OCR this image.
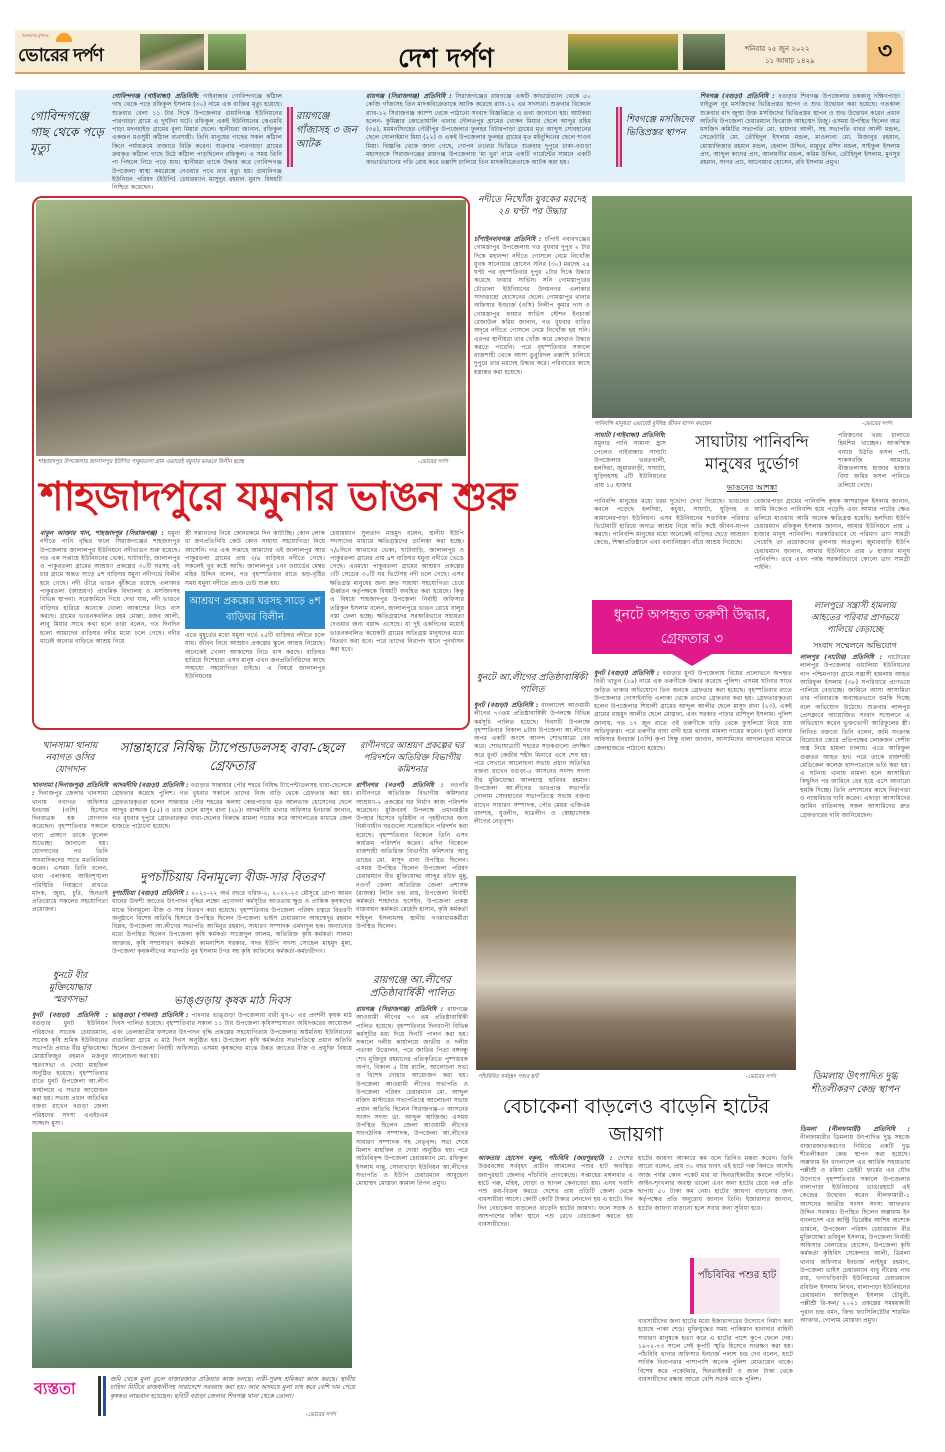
জনগণের মুখপত্র
ভোরের দর্পণ	দেশ দর্পণ	শনিবার ২৫ জুন ২০২২
১১ আষাঢ় ১৪২৯	৩
গোবিন্দগঞ্জে গাছ থেকে পড়ে মৃত্যু
গোবিন্দগঞ্জ (গাইবান্ধা) প্রতিনিধি: গাইবান্ধার গোবিন্দগঞ্জে কাঁঠাল গাছ থেকে পড়ে রফিকুল ইসলাম (৩০) নামে এক ব্যক্তির মৃত্যু হয়েছে। শুক্রবার বেলা ১১ টার দিকে উপজেলার গুমানিগঞ্জ ইউনিয়নের পারগয়ড়া গ্রামে এ দুর্ঘটনা ঘটে। রফিকুল একই ইউনিয়নের কেএমবি পাড়া মদনহাইড় গ্রামের বুলা মিয়ার ছেলে। স্থানীয়রা জানান, রফিকুল একজন মওসুমী কাঁঠাল ব্যবসায়ী। তিনি মানুষের গাছের সকল কাঁঠাল কিনে পর্যায়ক্রমে বাজারে বিক্রি করেন। শুক্রবার পারগয়ড়া গ্রামের ক্রয়কৃত কাঁঠাল গাছে উঠে কাঁঠাল পাড়ছিলেন রফিকুল। এ সময় তিনি পা পিছলে নিচে পড়ে যায়। স্থানীয়রা তাকে উদ্ধার করে গোবিন্দগঞ্জ উপজেলা স্বাস্থ্য কমপ্লেক্সে নেওয়ার পথে তার মৃত্যু হয়। গুমানিগঞ্জ ইউনিয়ন পরিষদ (ইউপি) চেয়ারম্যান মাসুদুর রহমান মুরাদ বিষয়টি নিশ্চিত করেছেন।
রায়গঞ্জে গাঁজাসহ ৩ জন আটক
রায়গঞ্জ (সিরাজগঞ্জ) প্রতিনিধি : সিরাজগঞ্জের রায়গঞ্জে একটি কাভার্ডভ্যান থেকে ৫০ কেজি গাঁজাসহ তিন মাদকবিক্রেতাকে আটক করেছে র‌্যাব-১২ এর সদস্যরা। শুক্রবার বিকেলে র‌্যাব-১২ সিরাজগঞ্জ ক্যাম্প থেকে পাঠানো সংবাদ বিজ্ঞপ্তিতে এ তথ্য জানানো হয়। আটকরা হলেন- কুমিল্লার কোতোয়ালি থানার দৌলতপুর গ্রামের খোকন মিয়ার ছেলে আব্দুর রহিম (৩৪), ময়মনসিংহের গৌরীপুর উপজেলার ফুলহর বিটারপাড়া গ্রামের মৃত আব্দুস সোবহানের ছেলে সোলাইমান মিয়া (২২) ও একই উপজেলার ফুলহর গ্রামের মৃত মইনুদ্দিনের ছেলে শাওন মিয়া। বিজ্ঞপ্তি থেকে জানা গেছে, গোপন তথ্যের ভিত্তিতে শুক্রবার দুপুরে ঢাকা-বগুড়া মহাসড়কে সিরাজগঞ্জের রায়গঞ্জ উপজেলায় 'মা খুর' নামে একটি গার্মেন্টের সামনে একটি কাভার্ডভ্যানের গতি রোধ করে তল্লাশি চালিয়ে তিন মাদকবিক্রেতাকে আটক করা হয়।
শিবগঞ্জে মসজিদের ভিত্তিপ্রস্তর স্থাপন
শিবগঞ্জ (বগুড়া) প্রতিনিধি : বগুড়ার শিবগঞ্জ উপজেলার চককানু দক্ষিণপাড়া বাইতুল নূর মসজিদের ভিত্তিপ্রস্তর স্থাপন ও শুভ উদ্বোধন করা হয়েছে। গতকাল শুক্রবার বাদ জুম্মা উক্ত মসজিদের ভিত্তিপ্রস্তর স্থাপন ও শুভ উদ্বোধন করেন প্রধান অতিথি উপজেলা চেয়ারম্যান ফিরোজ আহম্মেদ রিজু। এসময় উপস্থিত ছিলেন অত্র মসজিদ কমিটির সভাপতি মো. হায়দার আলী, সহ সভাপতি বাবর আলী মন্ডল, সেক্রেটারি মো. তৌহিদুল ইসলাম মন্ডল, মাওলানা মো. মিজানুর রহমান, মোস্তাফিজার রহমান মন্ডল, হেলাল উদ্দিন, মামুনুর রশিদ মন্ডল, সাইফুল ইসলাম প্রাং, আব্দুল কাদের প্রাং, আলমগীর মন্ডল, করিম উদ্দিন, তৌহিদুল ইসলাম, মুনসুর রহমান, সাগর প্রাং, আনোয়ার হোসেন, রবি ইসলাম প্রমুখ।
শাহজাদপুর উপজেলার জালালপুর ইউপির পাকুরতলা গ্রাম এভাবেই যমুনার ভাঙনে বিলীন হচ্ছে	-ভোরের দর্পণ
শাহজাদপুরে যমুনার ভাঙন শুরু
বাবুল আক্তার খান, শাহজাদপুর (সিরাজগঞ্জ) : যমুনা নদীতে পানি বৃদ্ধির ফলে সিরাজগঞ্জের শাহজাদপুর উপজেলার জালালপুর ইউনিয়নে নদীভাঙন শুরু হয়েছে। গত এক সপ্তাহে ইউনিয়নের ভেকা, ঘাটাবাড়ি, জালালপুর ও পাকুরতলা গ্রামের আশ্রয়ণ প্রকল্পের ৩০টি ঘরসহ এই চার গ্রামে অন্তত সাড়ে ৪শ বাড়িঘর যমুনা নদীগর্ভে বিলীন হয়ে গেছে। নদী তীরে ভাঙন ঝুঁকিতে রয়েছে এলাকার পাকুরতলা (আশ্রয়ণ) প্রাথমিক বিদ্যালয় ও মসজিদসহ বিভিন্ন স্থাপনা। সরেজমিনে গিয়ে দেখা যায়, নদী ভাঙনে বাড়িঘর হারিয়ে অনেকে খোলা আকাশের নিচে বাস করছে। গ্রামের ভাঙনকবলিত রহম মোল্লা, রজব আলী, লাবু মিয়ার সাথে কথা হলে তারা বলেন, গত দিনদিন হলো আমাদের বাড়িঘর নদীর মধ্যে চলে গেছে। নদীর ধারেই অন্যের বাড়িতে আশ্রয় নিয়ে
স্ত্রী সন্তানদের নিয়ে কোনরকমে দিন কাটাচ্ছি। কোন লোক বা জনপ্রতিনিধি কেউ কোন সাহায্য সহযোগিতা নিয়ে আসেনি। গত এক সপ্তাহে আমাদের এই জালালপুর আর পাকুরতলা গ্রামের প্রায় ৩/৪ বাড়িঘর নদীতে গেছে। সকলেই খুব কষ্টে আছি। জালালপুর ১নং ওয়ার্ডের মেম্বর মহির উদ্দিন বলেন, গত বৃহস্পতিবার রাতে ঝড়-বৃষ্টির সময় যমুনা নদীতে প্রচণ্ড ঢেউ শুরু হয়।
আশ্রয়ণ প্রকল্পের ঘরসহ সাড়ে ৪শ বাড়িঘর বিলীন
এতে মুহূর্তের মধ্যে যমুনা গর্ভে ২৫টি বাড়িঘর নদীতে চলে যায়। জীবন নিয়ে আশ্রয়ণ প্রকল্পের স্কুলে আশ্রয় নিয়েছে। অনেকেই খোলা আকাশের নিচে বাস করছে। বাড়িঘর হারিয়ে দিশেহারা এসব মানুষ এখন জনপ্রতিনিধিদের কাছে সাহায্যে সহযোগিতা চাইছে। এ বিষয়ে জালালপুর ইউনিয়নের
চেয়ারম্যান সুলতান মাহমুদ বলেন, স্থানীয় ইউপি সদস্যদের মাধ্যমে ক্ষতিগ্রস্তদের তালিকা করা হচ্ছে। ৭/৮দিনে আমাদের ভেকা, ঘাটাবাড়ি, জালালপুর ও পাকুরতলা গ্রামের প্রায় ৪শ বাড়িঘর যমুনা নদীতে ভেঙে গেছে। এরমধ্যে পাকুরতলা গ্রামের আশ্রয়ণ প্রকল্পের ৩টি সেডের ৩০টি ঘর ভিটেসহ নদী চলে গেছে। এসব ক্ষতিগ্রস্ত মানুষের জন্য দ্রুত সাহায্য সহযোগিতা চেয়ে ঊর্ধ্বতন কর্তৃপক্ষকে বিষয়টি অবহিত করা হয়েছে। কিন্তু এ বিষয়ে শাহজাদপুর উপজেলা নির্বাহী অফিসার তরিকুল ইসলাম বলেন, জালালপুরে ভাঙন রোধে বালুর বস্তা ফেলা হচ্ছে। ক্ষতিগ্রস্তদের সরকারিভাবে সহায়তা দেওয়ার জন্য বরাদ্দ এসেছে। যা দুই একদিনের মধ্যেই ভাঙনকবলিত কয়েকটি গ্রামের অতিগ্রস্ত মানুষদের মধ্যে বিতরণ করা হবে। পরে তাদের নিরাপদ স্থানে পুনর্বাসন করা হবে।
নদীতে নিখোঁজ যুবকের মরদেহ ২৪ ঘণ্টা পর উদ্ধার
চাঁপাইনবাবগঞ্জ প্রতিনিধি : চাঁপাই নবাবগঞ্জের গোমস্তাপুর উপজেলায় গত বুধবার দুপুর ২ টার দিকে মহানন্দা নদীতে গোসলে নেমে নিখোঁজ যুবক সানোয়ার হোসেন সনির (৩০) মরদেহ ২৪ ঘণ্টা পর বৃহস্পতিবার দুপুর ২টার দিকে উদ্ধার করেছে ফায়ার সার্ভিস। সনি গোমস্তাপুরের চৌডালা ইউনিয়নের উদয়নগর এলাকার সাদাত্তাহো হোসেনের ছেলে। গোমস্তাপুর থানার অফিসার ইনচার্জ (ওসি) নিলীপ কুমার দাস ও গোমস্তাপুর ফায়ার সার্ভিস স্টেশন ইনচার্জ রেজাউল করিম জানান, গত বুধবার বাড়ির অদূরে নদীতে গোসলে নেমে নিখোঁজ হয় সনি। এরপর স্থানীয়রা তার খোঁজ করে কোথাও উদ্ধার করতে পারেনি। পরে বৃহস্পতিবার সকালে রাজশাহী থেকে আসা ডুবুরিদল তল্লাশি চালিয়ে দুপুরে তার মরদেহ উদ্ধার করে। পরিবারের কাছে হস্তান্তর করা হয়েছে।
ধুনটে আ.লীগের প্রতিষ্ঠাবার্ষিকী পালিত
ধুনট (বগুড়া) প্রতিনিধি : বাংলাদেশ আওয়ামী লীগের ৭৩তম প্রতিষ্ঠাবার্ষিকী উপলক্ষে বিভিন্ন কর্মসূচি পালিত হয়েছে। দিবসটি উপলক্ষে বৃহস্পতিবার বিকাল ৪টায় উপজেলা আ.লীগের অপর একটি অংশে আনন্দ শোভাযাত্রা বের করে। শোভাযাত্রাটি শহরের সড়কগুলো প্রদক্ষিণ করে ধুনট কেন্দ্রীয় শহীদ মিনারে এসে শেষ হয়। পরে সেখানে আলোচনা সভায় প্রধান অতিথির বক্তব্য রাখেন বগুড়া-৫ আসনের সংসদ সদস্য বীর মুক্তিযোদ্ধা আলহাজ্ব হাবিবর রহমান। উপজেলা আ.লীগের ভারপ্রাপ্ত সভাপতি গোলাম সোবহানের সভাপতিত্বে সভায় বক্তব্য রাখেন সাধারণ সম্পাদক, পৌর মেয়র এজিএম বাদশাহ, যুবলীগ, ছাত্রলীগ ও স্বেচ্ছাসেবক লীগের নেতৃবৃন্দ।
পানিবন্দি মানুষরা এভাবেই দুর্বিষহ জীবন যাপন করছেন	-ভোরের দর্পণ
সাঘাটা (গাইবান্ধা) প্রতিনিধি: যমুনার পানি সামান্য হ্রাস পেলেও গাইবান্ধার সাঘাটা উপজেলার ভরতখালী, হলদিয়া, জুমারবাড়ী, সাঘাটা, ঘুড়িদহসহ ৫টি ইউনিয়নের প্রায় ১৫ হাজার
সাঘাটায় পানিবন্দি মানুষের দুর্ভোগ
ভাঙনের আশঙ্কা
পরিজনের খরচ চালাতে হিমশিম খাচ্ছেন। আকস্মিক বন্যায় উঠতি ফসল পাট, শাকসবজি আমনের বীজতলাসহ হাজার হাজার বিঘা জমির ফসল পানিতে তলিয়ে গেছে।
পানিবন্দি মানুষের মধ্যে চরম দুর্ভোগ দেখা দিয়েছে। ভাঙনের কবলে পড়েছে হলদিয়া, কচুয়া, সাঘাটা, ঘুড়িদহ ও কামালেরপাড়া ইউনিয়ন। এসব ইউনিয়নের শতাধিক পরিবার ভিটেমাটি হারিয়ে অন্যত্র আশ্রয় নিয়ে অতি কষ্টে জীবন-যাপন করছে। পানিবন্দি মানুষের মধ্যে অনেকেই বাড়িঘর ছেড়ে আশ্রয়ণ কেন্দ্রে, শিক্ষাপ্রতিষ্ঠানে এবং বন্যানিয়ন্ত্রণ বাঁধে আশ্রয় নিয়েছে।
বেজারপাড়া গ্রামের পানিবন্দি কৃষক আশরাফুল ইসলাম জানান, আমি নিজেও পানিবন্দি হয়ে পড়েছি এবং আমার পাটের ক্ষেত তলিয়ে যাওয়ায় আমি অনেক ক্ষতিগ্রস্ত হয়েছি। হলদিয়া ইউপি চেয়ারম্যান রফিকুল ইসলাম জানান, আমার ইউনিয়নে প্রায় ৫ হাজার মানুষ পানিবন্দি। সরকারিভাবে যে পরিমাণ ত্রাণ সামগ্রী পেয়েছি তা প্রয়োজনের তুলনায় অপ্রতুল। জুমারবাড়ি ইউপি চেয়ারম্যান জানান, আমার ইউনিয়নে প্রায় ৮ হাজার মানুষ পানিবন্দি। তবে এখন পর্যন্ত সরকারিভাবে কোনো ত্রাণ সামগ্রী পাইনি।
ধুনটে অপহৃত তরুণী উদ্ধার, গ্রেফতার ৩
ধুনট (বগুড়া) প্রতিনিধি : বগুড়ার ধুনট উপজেলায় বিয়ের প্রলোভনে অপহৃত বিথী খাতুন (১৬) নামে এক তরুণীকে উদ্ধার করেছে পুলিশ। এসময় ঘটনার সাথে জড়িত থাকার অভিযোগে তিন জনকে গ্রেফতার করা হয়েছে। বৃহস্পতিবার রাতে উপজেলার গোসাইবাড়ি এলাকা থেকে তাদের গ্রেফতার করা হয়। গ্রেফতারকৃতরা হলেন উপজেলার শিয়ালী গ্রামের আব্দুল আলীর ছেলে মাসুদ রানা (২৩), একই গ্রামের মাহমুদ আলীর ছেলে মোস্তফা, এবং সরকার পাড়ার রাশিদুল ইসলাম। পুলিশ জানায়, গত ১৭ জুন রাতে ওই তরুণীকে বাড়ি থেকে ফুসলিয়ে নিয়ে যায় অভিযুক্তরা। পরে তরুণীর বাবা বাদী হয়ে থানায় মামলা দায়ের করেন। ধুনট থানার অফিসার ইনচার্জ (ওসি) কৃপা সিন্ধু বালা জানান, আসামিদের আদালতের মাধ্যমে জেলহাজতে পাঠানো হয়েছে।
লালপুরে সন্ত্রাসী হামলায় আহতের পরিবার প্রাণভয়ে পালিয়ে বেড়াচ্ছে
সংবাদ সম্মেলনে অভিযোগ
লালপুর (নাটোর) প্রতিনিধি : নাটোরের লালপুর উপজেলার ওয়ালিয়া ইউনিয়নের নাগ পশ্চিমপাড়া গ্রামে সন্ত্রাসী হামলায় আহত আরিফুল ইসলাম (৩৮) সপরিবারে প্রাণভয়ে পালিয়ে বেড়াচ্ছে। জামিনে আসা আসামিরা তার পরিবারকে অব্যাহতভাবে হুমকি দিচ্ছে বলে অভিযোগ উঠেছে। শুক্রবার লালপুর প্রেসক্লাবে আয়োজিত সংবাদ সম্মেলনে এ অভিযোগ করেন ভুক্তভোগী আরিফুলের স্ত্রী। লিখিত বক্তব্যে তিনি বলেন, জমি সংক্রান্ত বিরোধের জেরে প্রতিপক্ষের লোকজন দেশীয় অস্ত্র নিয়ে হামলা চালায়। এতে আরিফুল গুরুতর আহত হন। পরে তাকে রাজশাহী মেডিকেল কলেজ হাসপাতালে ভর্তি করা হয়। এ ঘটনায় থানায় মামলা হলে আসামিরা কিছুদিন পর জামিনে বের হয়ে এসে আবারো হুমকি দিচ্ছে। তিনি প্রশাসনের কাছে নিরাপত্তা ও ন্যায়বিচার দাবি করেন। এছাড়া আসামিদের জামিন বাতিলসহ সকল আসামিদের দ্রুত গ্রেফতারের দাবি জানিয়েছেন।
খানসামা থানায় নবাগত ওসির যোগদান
খানসামা (দিনাজপুর) প্রতিনিধি : দিনাজপুর জেলার খানসামা থানায় নবাগত অফিসার ইনচার্জ (ওসি) হিসেবে দিনরাত্রক হক যোগদান করেছেন। বৃহস্পতিবার সকালে থানা প্রাঙ্গণে তাকে ফুলেল শুভেচ্ছা জানানো হয়। যোগদানের পর তিনি সাংবাদিকদের সাথে মতবিনিময় করেন। এসময় তিনি বলেন, থানা এলাকায় আইনশৃঙ্খলা পরিস্থিতি নিয়ন্ত্রণে রাখতে মাদক, জুয়া, চুরি, ছিনতাই প্রতিরোধে সকলের সহযোগিতা প্রয়োজন।
ধুনটে বীর মুক্তিযোদ্ধার স্মরণসভা
ধুনট (বগুড়া) প্রতিনিধি : বগুড়ার ধুনট ইউনিয়ন পরিষদের সাবেক চেয়ারম্যান, সাবেক কৃষি শ্রমিক ইউনিয়নের সভাপতি প্রয়াত বীর মুক্তিযোদ্ধা মোস্তাফিজুর রহমান মজনুর স্মরণসভা ও দোয়া মাহফিল অনুষ্ঠিত হয়েছে। বৃহস্পতিবার রাতে ধুনট উপজেলা আ.লীগ কার্যালয়ে এ সভার আয়োজন করা হয়। সভায় প্রধান অতিথির বক্তব্য রাখেন বগুড়া জেলা পরিষদের সদস্য এএইচএম সাজ্জাদ মুসা।
সান্তাহারে নিষিদ্ধ ট্যাপেন্ডাডলসহ বাবা-ছেলে গ্রেফতার
আদমদীঘি (বগুড়া) প্রতিনিধি : বগুড়ার সান্তাহার পৌর শহরে নিষিদ্ধ ট্যাপেন্টাডলসহ বাবা-ছেলেকে গ্রেফতার করেছে পুলিশ। গত বুধবার সকালে তাদের নিজ বাড়ি থেকে গ্রেফতার করা হয়। গ্রেফতারকৃতরা হলেন সান্তাহার পৌর শহরের কলসা কেন্দ্রপাড়ার মৃত আলতাফ হোসেনের ছেলে আব্দুর রাজ্জাক (৫৫) ও তার ছেলে মাসুদ রানা (২৮)। আদমদীঘি থানার অফিসার ইনচার্জ জানান, গত বুধবার দুপুরে গ্রেফতারকৃত বাবা-ছেলের বিরুদ্ধে মামলা দায়ের করে আদালতের মাধ্যমে জেল হাজতে পাঠানো হয়েছে।
দুপচাঁচিয়ায় বিনামূল্যে বীজ-সার বিতরণ
দুপচাঁচিয়া (বগুড়া) প্রতিনিধি : ২০২১-২২ অর্থ বছরে খরিফ-২, ২০২২-২৩ মৌসুমে রোপা আমন ধানের উফশী জাতের উৎপাদন বৃদ্ধির লক্ষ্যে প্রণোদনা কর্মসূচির আওতায় ক্ষুদ্র ও প্রান্তিক কৃষকদের মাঝে বিনামূল্যে বীজ ও সার বিতরণ করা হয়েছে। বৃহস্পতিবার উপজেলা পরিষদ চত্বরে বিতরণী অনুষ্ঠানে বিশেষ অতিথি হিসাবে উপস্থিত ছিলেন উপজেলা ভাইস চেয়ারম্যান আহম্মেদুর রহমান বিপ্লব, উপজেলা আ.লীগের সভাপতি আমিনুর রহমান, সাধারণ সম্পাদক এমদাদুল হক। অন্যান্যের মধ্যে উপস্থিত ছিলেন উপজেলা কৃষি কর্মকর্তা সাজেদুল আলম, অতিরিক্ত কৃষি কর্মকর্তা সালমা আক্তার, কৃষি সম্প্রসারণ কর্মকর্তা কামনাশিস সরকার, সদর ইউপি সদস্য সোহেল মাহমুদ মুন্না, উপজেলা কৃষকলীগের সভাপতি নুর ইসলাম টগর সহ কৃষি অফিসের কর্মকর্তা-কর্মচারীগণ।
ভাঙ্গুড়ায় কৃষক মাঠ দিবস
ভাঙ্গুড়া (পাবনা) প্রতিনিধি : পাবনার ভাঙ্গুড়া উপজেলায় বারী মুগ-৮ এর প্রদর্শনী কৃষক মাঠ দিবস পালিত হয়েছে। বৃহস্পতিবার সকাল ১১ টায় উপজেলা কৃষিসম্প্রসারণ অধিদপ্তরের আয়োজন এবং তেলজাতীয় ফসলের উৎপাদন বৃদ্ধি প্রকল্পের সহযোগিতায় উপজেলার অষ্টমনিষা ইউনিয়নের রাঙালিয়া গ্রামে এ মাঠ দিবস অনুষ্ঠিত হয়। উপজেলা কৃষি কর্মকর্তার সভাপতিত্বে প্রধান অতিথি ছিলেন উপজেলা নির্বাহী অফিসার। এসময় কৃষকদের মাঝে উন্নত জাতের বীজ ও প্রযুক্তি বিষয়ে আলোচনা করা হয়।
রাণীনগরে আশ্রয়ণ প্রকল্পের ঘর পরিদর্শনে অতিরিক্ত বিভাগীয় কমিশনার
রাণীনগর (নওগাঁ) প্রতিনিধি : নওগাঁর রাণীনগরে অতিরিক্ত বিভাগীয় কমিশনার আশ্রয়ণ-২ প্রকল্পের ঘর নির্মাণ কাজ পরিদর্শন করেছেন। মুজিববর্ষ উপলক্ষে প্রধানমন্ত্রীর উপহার হিসেবে ভূমিহীন ও গৃহহীনদের জন্য নির্মাণাধীন ঘরগুলো সরেজমিনে পরিদর্শন করা হয়েছে। বৃহস্পতিবার বিকেলে তিনি এসব কার্যক্রম পরিদর্শন করেন। এদিন বিকেলে রাজশাহী অতিরিক্ত বিভাগীয় কমিশনার আবু তাহের মো. মাসুদ রানা উপস্থিত ছিলেন। এসময় উপস্থিত ছিলেন উপজেলা পরিষদ চেয়ারম্যান বীর মুক্তিযোদ্ধা আব্দুর রউফ মুন্নু, নওগাঁ জেলা অতিরিক্ত জেলা প্রশাসক (রাজস্ব) লিটন চন্দ্র রায়, উপজেলা নির্বাহী কর্মকর্তা শাহাদাত হুসেইন, উপজেলা প্রকল্প বাস্তবায়ন কর্মকর্তা মেহেদি হাসান, কৃষি কর্মকর্তা শহিদুল ইসলামসহ স্থানীয় গণমাধ্যমকর্মীরা উপস্থিত ছিলেন।
রায়গঞ্জে আ.লীগের প্রতিষ্ঠাবার্ষিকী পালিত
রায়গঞ্জ (সিরাজগঞ্জ) প্রতিনিধি : রায়গঞ্জে আওয়ামী লীগের ৭৩ তম প্রতিষ্ঠাবার্ষিকী পালিত হয়েছে। বৃহস্পতিবার দিনব্যাপী বিভিন্ন কর্মসূচীর মধ্য দিয়ে দিনটি পালন করা হয়। সকালে দলীয় কার্যালয়ে জাতীয় ও দলীয় পতাকা উত্তোলন, পরে জাতির পিতা বঙ্গবন্ধু শেখ মুজিবুর রহমানের প্রতিকৃতিতে পুষ্পস্তবক অর্পণ, বিকাল ৫ টায় র‌্যালি, আলোচনা সভা ও বিশেষ দোয়ার আয়োজন করা হয়। উপজেলা আওয়ামী লীগের সভাপতি ও উপজেলা পরিষদ চেয়ারম্যান মো. আব্দুল মজিদ মাস্টারের সভাপতিত্বে আলোচনা সভায় প্রধান অতিথি ছিলেন সিরাজগঞ্জ-৩ আসনের সংসদ সদস্য ডা. আব্দুল আজিজ। এসময় উপস্থিত ছিলেন জেলা আওয়ামী লীগের সাংগঠনিক সম্পাদক, উপজেলা আ.লীগের সাধারণ সম্পাদক সহ নেতৃবৃন্দ। সভা শেষে মিলাদ মাহফিল ও দোয়া অনুষ্ঠিত হয়। পরে অতিথিবৃন্দ উপজেলা চেয়ারম্যান মো. রফিকুল ইসলাম নান্নু, সোনাখাড়া ইউনিয়ন আ.লীগের সভাপতি ও ইউপি চেয়ারম্যান আবুহেনা মোহাম্মদ মোস্তফা কামাল রিপন প্রমুখ।
পাঁচবিবির সর্ববৃহৎ পশুর হাট	-ভোরের দর্পণ
বেচাকেনা বাড়লেও বাড়েনি হাটের জায়গা
আকতার হোসেন বকুল, পাঁচবিবি (জয়পুরহাট) : দেশের উত্তরবঙ্গের সর্ববৃহৎ প্রাচীন আমলের পশুর হাট অবস্থিত জয়পুরহাট জেলার পাঁচবিবি প্রাণকেন্দ্রে। সপ্তাহের মঙ্গলবার এ হাটে গরু, মহিষ, ঘোড়া ও ছাগল কেনাবেচা হয়। এসব গবাদি পশু ক্রয়-বিক্রয় করতে দেশের প্রায় প্রতিটি জেলা থেকে ব্যবসায়ীরা আসে। কোটি কোটি টাকার লেনদেন হয় এ হাটে। দিন দিন বেচাকেনা বাড়লেও বাড়েনি হাটের জায়গা। ফলে সড়ক ও আশপাশের ফাঁকা স্থানে পশু রেখে বেচাকেনা করতে হয় ব্যবসায়ীদের।
হাটের জায়গা আকারে কম বলে তিনিও মন্তব্য করেন। তিনি আরো বলেন, প্রায় ৩০ বছর যাবৎ এই হাটে গরু কিনতে আসছি আজ পর্যন্ত কোন পকেট মার বা ছিনতাইকারীর কবলে পড়িনি। আইন-শৃংখলার অবস্থা ভালো এবং অন্য হাটের চেয়ে গরু প্রতি ছাপায় ৫০ টাকা কম নেয়। হাটের জায়গা বাড়ানোর জন্য কর্তৃপক্ষের প্রতি অনুরোধ জানান তিনি। ইজারাদার জানান, হাটের জায়গা বাড়ানো হলে সবার জন্য সুবিধা হবে।
পাঁচবিবির পশুর হাট
ব্যবসায়ীদের জন্য হাটের মধ্যে ইজারাদারের উদ্যোগে নির্মাণ করা হয়েছে পাকা শেড। মুক্তিযুদ্ধের সময় পাকিস্তান হানাদার বাহিনী সাধারণ মানুষকে হত্যা করে এ হাটের পাশে কূপে ফেলে দেয়। ১৯৭২-৭৩ সালে সেই কূপটি স্মৃতি হিসেবে সংরক্ষণ করা হয়। পাঁচবিবি থানার অফিসার ইনচার্জ পলাশ চন্দ্র দেব বলেন, হাটে সার্বিক নিরাপত্তার পাশাপাশি অনেক পুলিশ মোতায়েন থাকে। বিশেষ করে পকেটমার, ছিনতাইকারী ও জাল টাকা থেকে ব্যবসায়ীদের রক্ষায় আরো বেশি সতর্ক থাকে পুলিশ।
ডিমলায় উৎপাদিত দুগ্ধ শীতলীকরণ কেন্দ্র স্থাপন
ডিমলা (নীলফামারী) প্রতিনিধি : নীলফামারীর ডিমলায় উৎপাদিত দুগ্ধ সহজে বাজারজাতকরণের নিমিত্তে একটি দুগ্ধ শীতলীকরণ কেন্দ্র স্থাপন করা হয়েছে। অক্সফাম ইন বাংলাদেশ এর আর্থিক সহায়তায় পল্লীশ্রী ও রমিযা ডেইরী ফার্মের এর যৌথ উদ্যোগে বৃহস্পতিবার সকালে উপজেলার বালাপাড়া ইউনিয়নের ডাঙারহাটে এই কেন্দ্রের উদ্বোধন করেন নীলফামারী-১ আসনের জাতীয় সংসদ সদস্য আফতাব উদ্দিন সরকার। উপস্থিত ছিলেন অক্সফাম ইন বাংলাদেশ এর কান্ট্রি ডিরেক্টর আশিষ অশোক ডামলে, উপজেলা পরিষদ চেয়ারম্যান বীর মুক্তিযোদ্ধা তবিবুল ইসলাম, উপজেলা নির্বাহী অফিসার বেলায়েত হোসেন, উপজেলা কৃষি কর্মকর্তা কৃষিবিদ সেকেন্দার আলী, ডিমলা থানার অফিসার ইনচার্জ লাইছুর রহমান, উপজেলা ভাইস চেয়ারম্যান বাবু নীরেন্দ্র নাথ রায়, খগাখড়িবাড়ী ইউনিয়নের চেয়ারম্যান রবিউল ইসলাম লিখন, বালাপাড়া ইউনিয়নের চেয়ারম্যান আজিজুল ইসলাম চৌধুরী, পল্লীশ্রী রি-কল/ ২০২১ প্রকল্পের সমন্বয়কারী পুরান চন্দ্র বর্মন, ফিল্ড ফ্যাসিলিটেটর শারমিন আক্তার, গোলাম মোস্তফা প্রমুখ।
ব্যস্ততা	জমি থেকে মুলা তুলে বাজারজাত প্রক্রিয়ার কাজ চলছে। নারী-পুরুষ শ্রমিকরা কাজ করছে। স্থানীয় চাহিদা মিটিয়ে রাজধানীসহ সারাদেশে সরবরাহ করা হয়। আর অসময়ে মুলা চাষ করে বেশি দাম পেয়ে কৃষকও লাভবান হয়েছেন। ছবিটি বগুড়া জেলার শিবগঞ্জ থানা থেকে তোলা।
-ভোরের দর্পণ
